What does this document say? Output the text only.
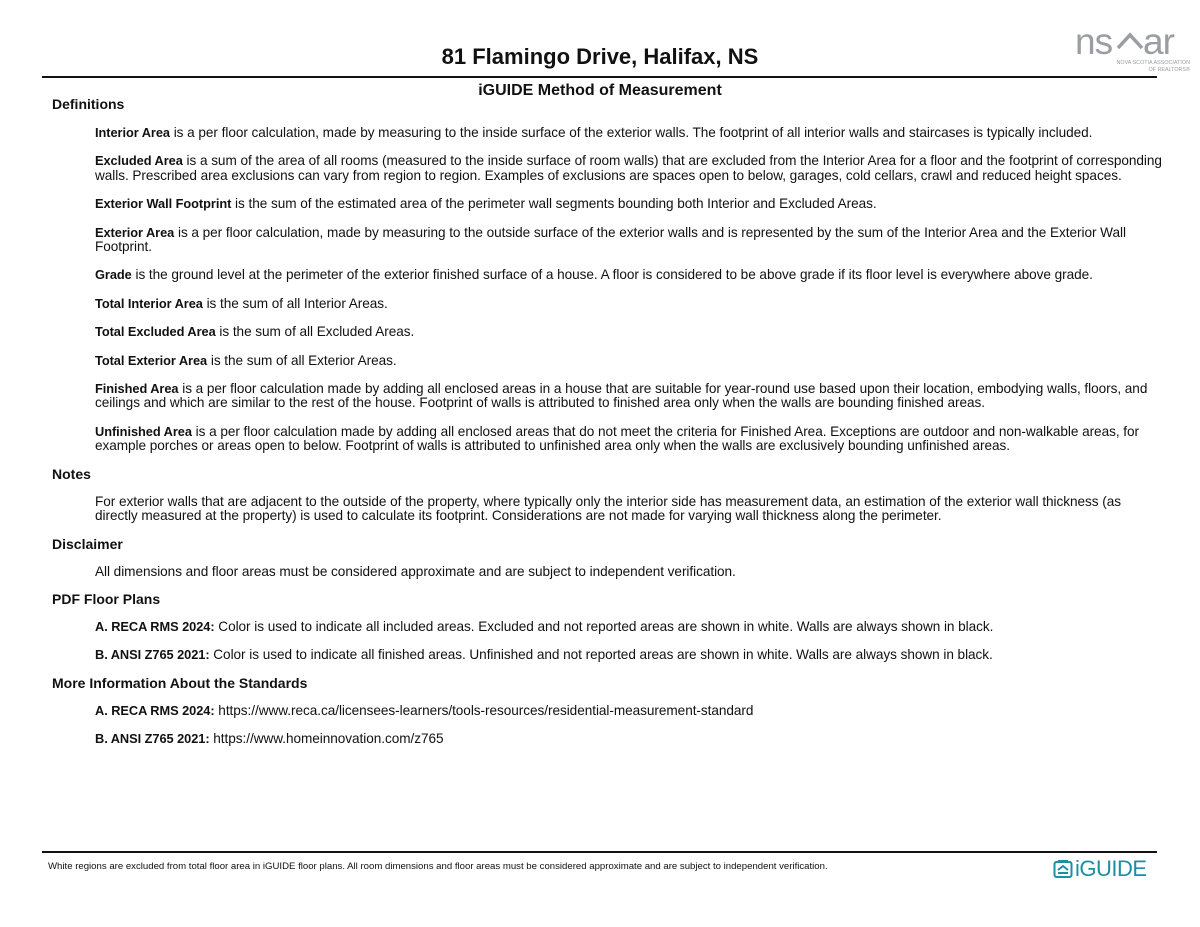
81 Flamingo Drive, Halifax, NS	ns ar
NOVA SCOTIA ASSOCIATION
OF REALTORS®
iGUIDE Method of Measurement
Definitions
Interior Area is a per floor calculation, made by measuring to the inside surface of the exterior walls. The footprint of all interior walls and staircases is typically included.
Excluded Area is a sum of the area of all rooms (measured to the inside surface of room walls) that are excluded from the Interior Area for a floor and the footprint of corresponding walls. Prescribed area exclusions can vary from region to region. Examples of exclusions are spaces open to below, garages, cold cellars, crawl and reduced height spaces.
Exterior Wall Footprint is the sum of the estimated area of the perimeter wall segments bounding both Interior and Excluded Areas.
Exterior Area is a per floor calculation, made by measuring to the outside surface of the exterior walls and is represented by the sum of the Interior Area and the Exterior Wall Footprint.
Grade is the ground level at the perimeter of the exterior finished surface of a house. A floor is considered to be above grade if its floor level is everywhere above grade.
Total Interior Area is the sum of all Interior Areas.
Total Excluded Area is the sum of all Excluded Areas.
Total Exterior Area is the sum of all Exterior Areas.
Finished Area is a per floor calculation made by adding all enclosed areas in a house that are suitable for year-round use based upon their location, embodying walls, floors, and ceilings and which are similar to the rest of the house. Footprint of walls is attributed to finished area only when the walls are bounding finished areas.
Unfinished Area is a per floor calculation made by adding all enclosed areas that do not meet the criteria for Finished Area. Exceptions are outdoor and non-walkable areas, for example porches or areas open to below. Footprint of walls is attributed to unfinished area only when the walls are exclusively bounding unfinished areas.
Notes
For exterior walls that are adjacent to the outside of the property, where typically only the interior side has measurement data, an estimation of the exterior wall thickness (as directly measured at the property) is used to calculate its footprint. Considerations are not made for varying wall thickness along the perimeter.
Disclaimer
All dimensions and floor areas must be considered approximate and are subject to independent verification.
PDF Floor Plans
A. RECA RMS 2024: Color is used to indicate all included areas. Excluded and not reported areas are shown in white. Walls are always shown in black.
B. ANSI Z765 2021: Color is used to indicate all finished areas. Unfinished and not reported areas are shown in white. Walls are always shown in black.
More Information About the Standards
A. RECA RMS 2024: https://www.reca.ca/licensees-learners/tools-resources/residential-measurement-standard
B. ANSI Z765 2021: https://www.homeinnovation.com/z765
White regions are excluded from total floor area in iGUIDE floor plans. All room dimensions and floor areas must be considered approximate and are subject to independent verification.	iGUIDE
